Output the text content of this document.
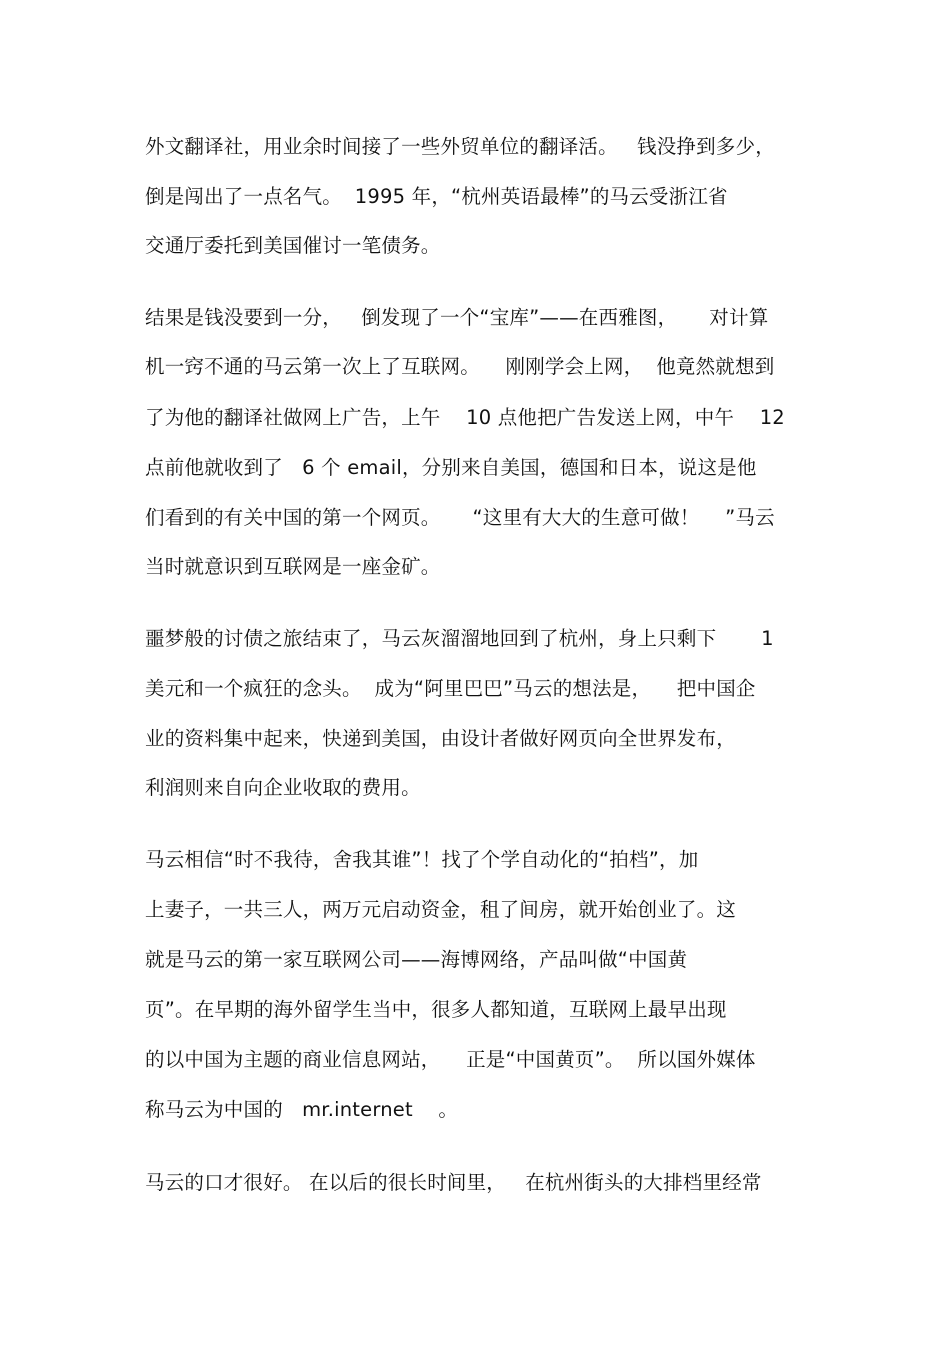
外文翻译社，用业余时间接了一些外贸单位的翻译活。   钱没挣到多少，
倒是闯出了一点名气。  1995 年，“杭州英语最棒”的马云受浙江省
交通厅委托到美国催讨一笔债务。
结果是钱没要到一分，   倒发现了一个“宝库”——在西雅图，     对计算
机一窍不通的马云第一次上了互联网。    刚刚学会上网，  他竟然就想到
了为他的翻译社做网上广告，上午    10 点他把广告发送上网，中午    12
点前他就收到了   6 个 email，分别来自美国，德国和日本，说这是他
们看到的有关中国的第一个网页。     “这里有大大的生意可做！    ”马云
当时就意识到互联网是一座金矿。
噩梦般的讨债之旅结束了，马云灰溜溜地回到了杭州，身上只剩下       1
美元和一个疯狂的念头。  成为“阿里巴巴”马云的想法是，    把中国企
业的资料集中起来，快递到美国，由设计者做好网页向全世界发布，
利润则来自向企业收取的费用。
马云相信“时不我待，舍我其谁”！找了个学自动化的“拍档”，加
上妻子，一共三人，两万元启动资金，租了间房，就开始创业了。这
就是马云的第一家互联网公司——海博网络，产品叫做“中国黄
页”。在早期的海外留学生当中，很多人都知道，互联网上最早出现
的以中国为主题的商业信息网站，    正是“中国黄页”。  所以国外媒体
称马云为中国的   mr.internet    。
马云的口才很好。 在以后的很长时间里，   在杭州街头的大排档里经常
